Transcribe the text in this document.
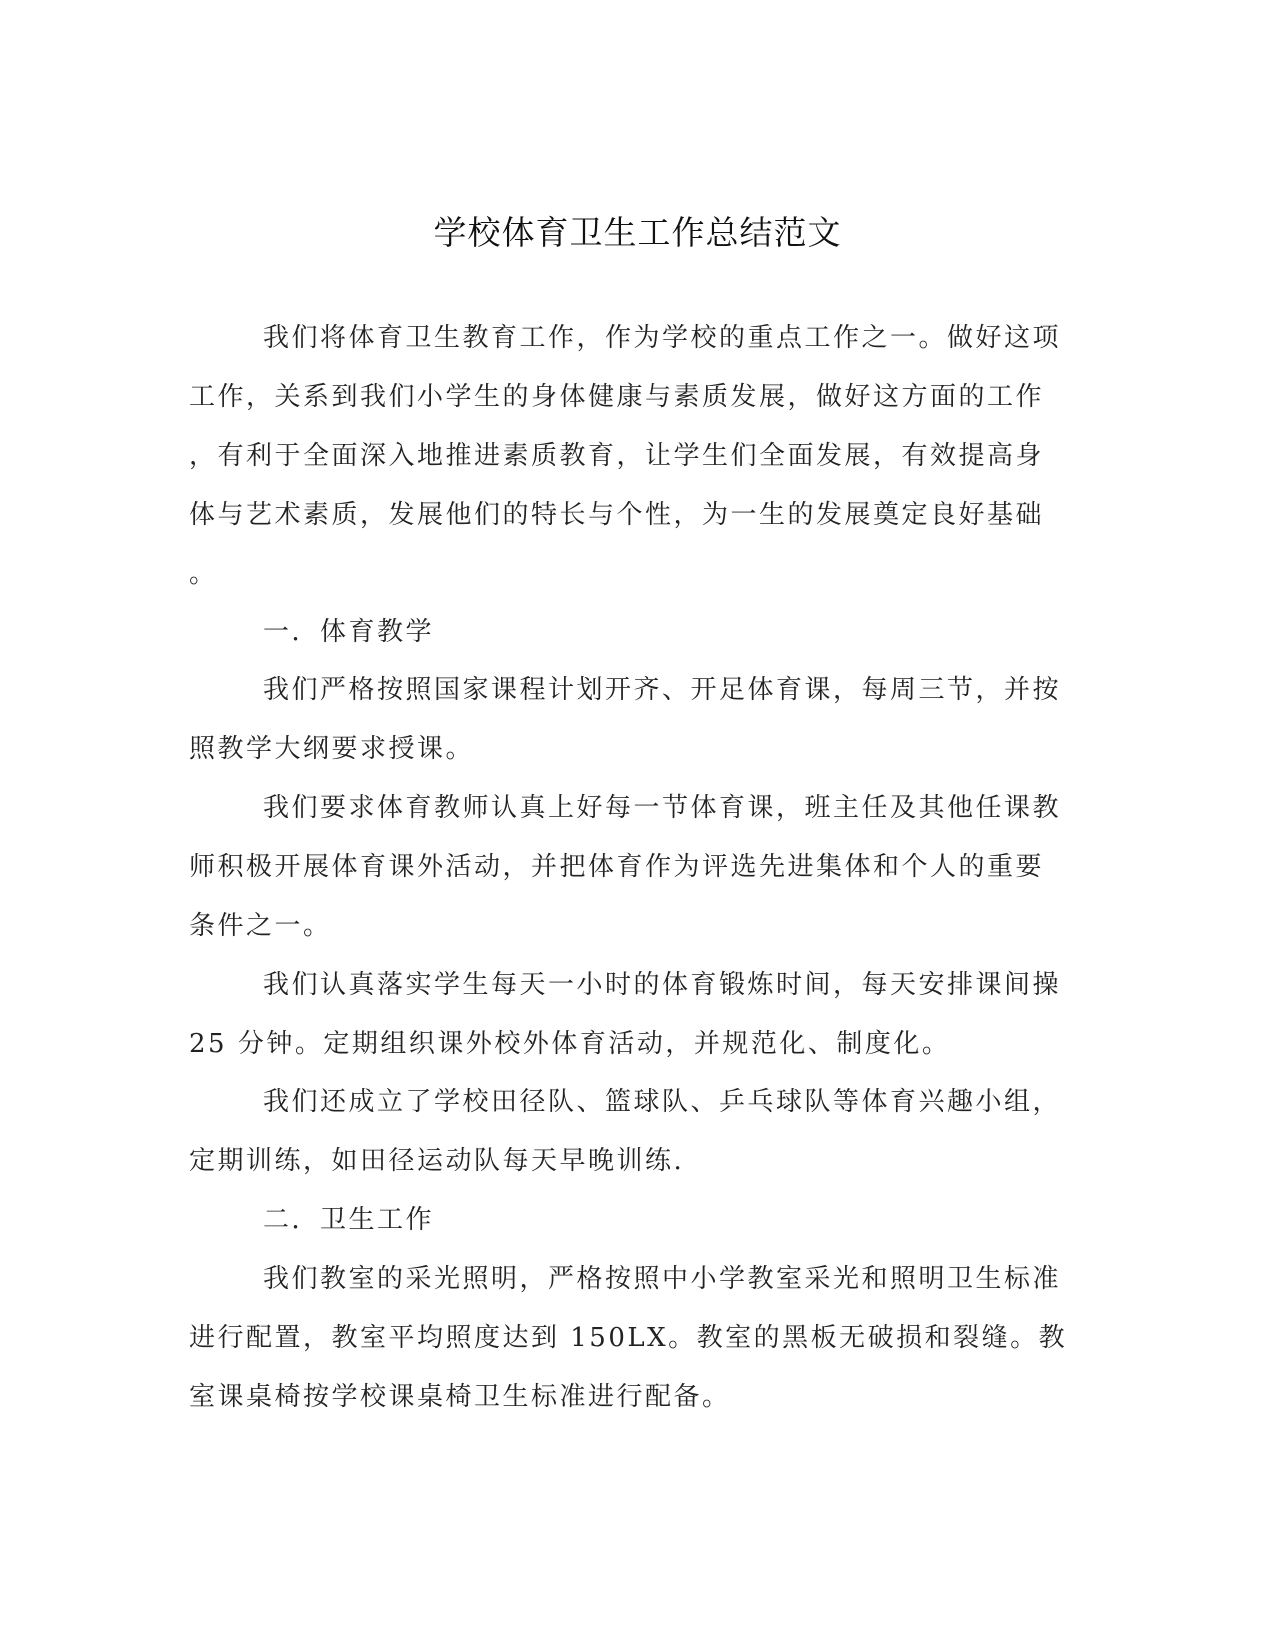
学校体育卫生工作总结范文

我们将体育卫生教育工作，作为学校的重点工作之一。做好这项

工作，关系到我们小学生的身体健康与素质发展，做好这方面的工作

，有利于全面深入地推进素质教育，让学生们全面发展，有效提高身

体与艺术素质，发展他们的特长与个性，为一生的发展奠定良好基础

。

一．体育教学

我们严格按照国家课程计划开齐、开足体育课，每周三节，并按

照教学大纲要求授课。

我们要求体育教师认真上好每一节体育课，班主任及其他任课教

师积极开展体育课外活动，并把体育作为评选先进集体和个人的重要

条件之一。

我们认真落实学生每天一小时的体育锻炼时间，每天安排课间操

25 分钟。定期组织课外校外体育活动，并规范化、制度化。

我们还成立了学校田径队、篮球队、乒乓球队等体育兴趣小组，

定期训练，如田径运动队每天早晚训练.

二．卫生工作

我们教室的采光照明，严格按照中小学教室采光和照明卫生标准

进行配置，教室平均照度达到 150LX。教室的黑板无破损和裂缝。教

室课桌椅按学校课桌椅卫生标准进行配备。
